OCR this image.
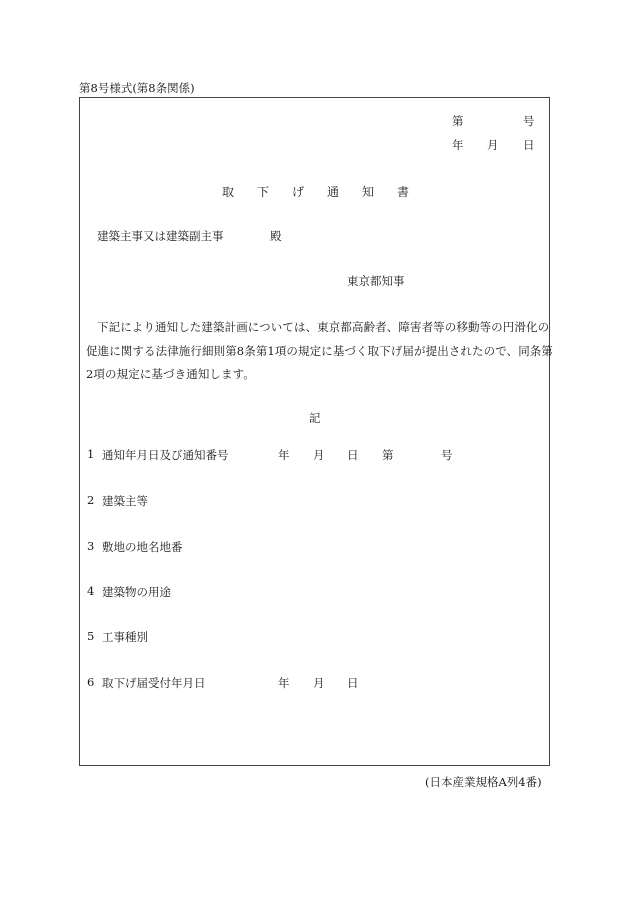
第8号様式(第8条関係)
第	号
年 月 日
取 下 げ 通 知 書
建築主事又は建築副主事	殿
東京都知事
下記により通知した建築計画については、東京都高齢者、障害者等の移動等の円滑化の
促進に関する法律施行細則第8条第1項の規定に基づく取下げ届が提出されたので、同条第
2項の規定に基づき通知します。
記
1 通知年月日及び通知番号	年 月 日 第	号
2 建築主等
3 敷地の地名地番
4 建築物の用途
5 工事種別
6 取下げ届受付年月日	年 月 日
(日本産業規格A列4番)
